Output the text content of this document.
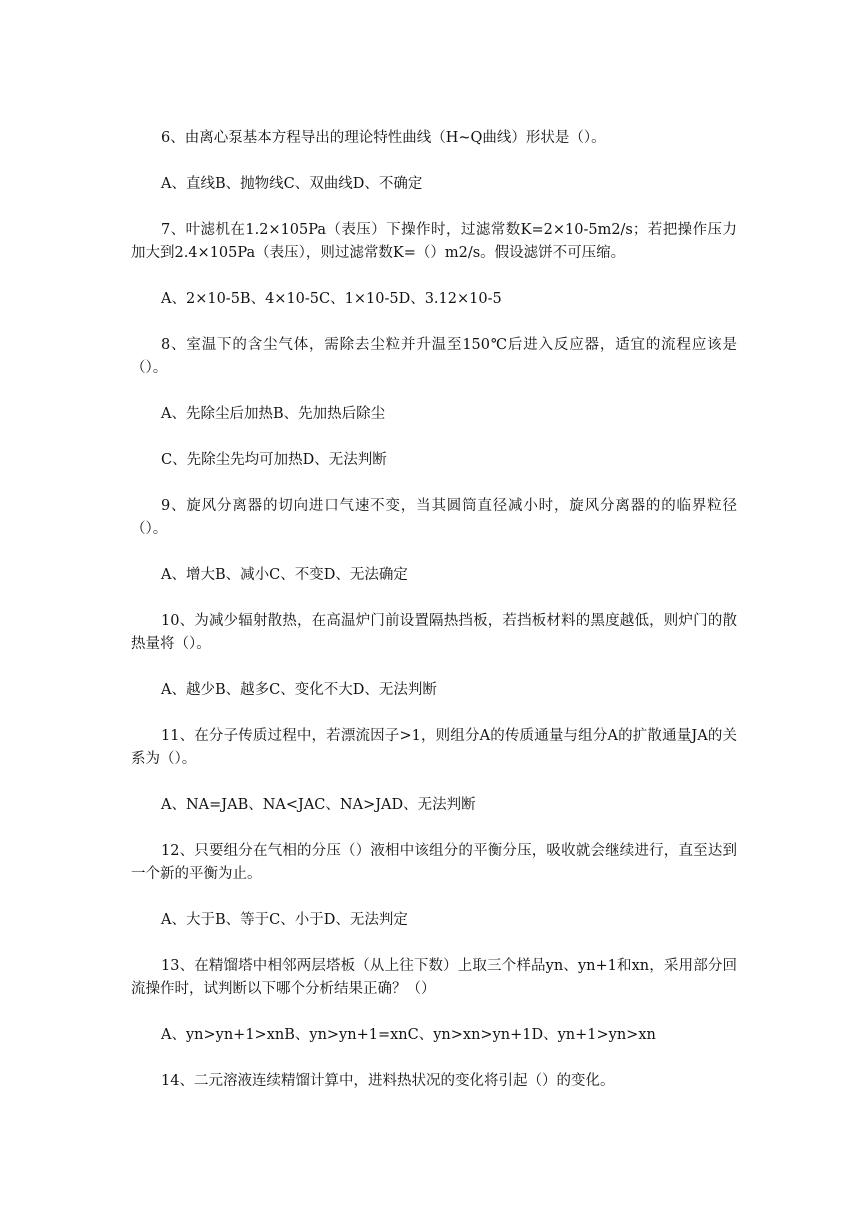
6、由离心泵基本方程导出的理论特性曲线（H~Q曲线）形状是（）。

A、直线B、抛物线C、双曲线D、不确定

7、叶滤机在1.2×105Pa（表压）下操作时，过滤常数K=2×10-5m2/s；若把操作压力加大到2.4×105Pa（表压），则过滤常数K=（）m2/s。假设滤饼不可压缩。

A、2×10-5B、4×10-5C、1×10-5D、3.12×10-5

8、室温下的含尘气体，需除去尘粒并升温至150℃后进入反应器，适宜的流程应该是（）。

A、先除尘后加热B、先加热后除尘

C、先除尘先均可加热D、无法判断

9、旋风分离器的切向进口气速不变，当其圆筒直径减小时，旋风分离器的的临界粒径（）。

A、增大B、减小C、不变D、无法确定

10、为减少辐射散热，在高温炉门前设置隔热挡板，若挡板材料的黑度越低，则炉门的散热量将（）。

A、越少B、越多C、变化不大D、无法判断

11、在分子传质过程中，若漂流因子>1，则组分A的传质通量与组分A的扩散通量JA的关系为（）。

A、NA=JAB、NA<JAC、NA>JAD、无法判断

12、只要组分在气相的分压（）液相中该组分的平衡分压，吸收就会继续进行，直至达到一个新的平衡为止。

A、大于B、等于C、小于D、无法判定

13、在精馏塔中相邻两层塔板（从上往下数）上取三个样品yn、yn+1和xn，采用部分回流操作时，试判断以下哪个分析结果正确？（）

A、yn>yn+1>xnB、yn>yn+1=xnC、yn>xn>yn+1D、yn+1>yn>xn

14、二元溶液连续精馏计算中，进料热状况的变化将引起（）的变化。
